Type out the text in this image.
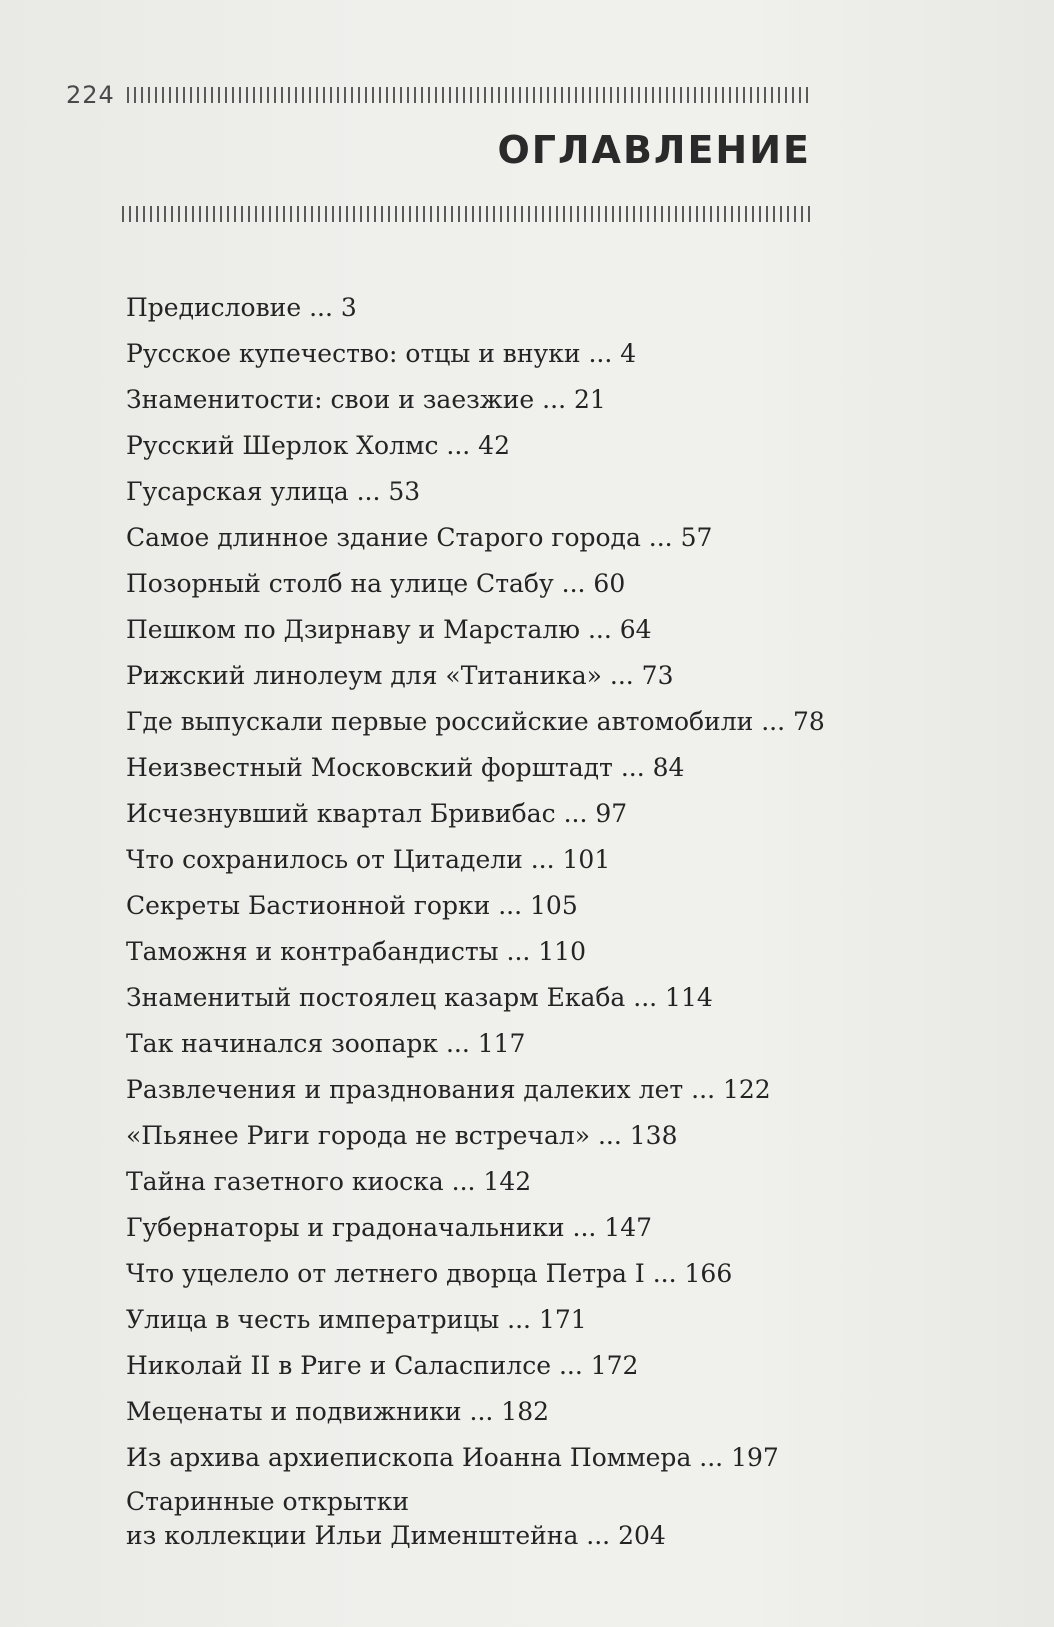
224
ОГЛАВЛЕНИЕ
Предисловие ... 3
Русское купечество: отцы и внуки ... 4
Знаменитости: свои и заезжие ... 21
Русский Шерлок Холмс ... 42
Гусарская улица ... 53
Самое длинное здание Старого города ... 57
Позорный столб на улице Стабу ... 60
Пешком по Дзирнаву и Марсталю ... 64
Рижский линолеум для «Титаника» ... 73
Где выпускали первые российские автомобили ... 78
Неизвестный Московский форштадт ... 84
Исчезнувший квартал Бривибас ... 97
Что сохранилось от Цитадели ... 101
Секреты Бастионной горки ... 105
Таможня и контрабандисты ... 110
Знаменитый постоялец казарм Екаба ... 114
Так начинался зоопарк ... 117
Развлечения и празднования далеких лет ... 122
«Пьянее Риги города не встречал» ... 138
Тайна газетного киоска ... 142
Губернаторы и градоначальники ... 147
Что уцелело от летнего дворца Петра I ... 166
Улица в честь императрицы ... 171
Николай II в Риге и Саласпилсе ... 172
Меценаты и подвижники ... 182
Из архива архиепископа Иоанна Поммера ... 197
Старинные открытки
из коллекции Ильи Дименштейна ... 204
